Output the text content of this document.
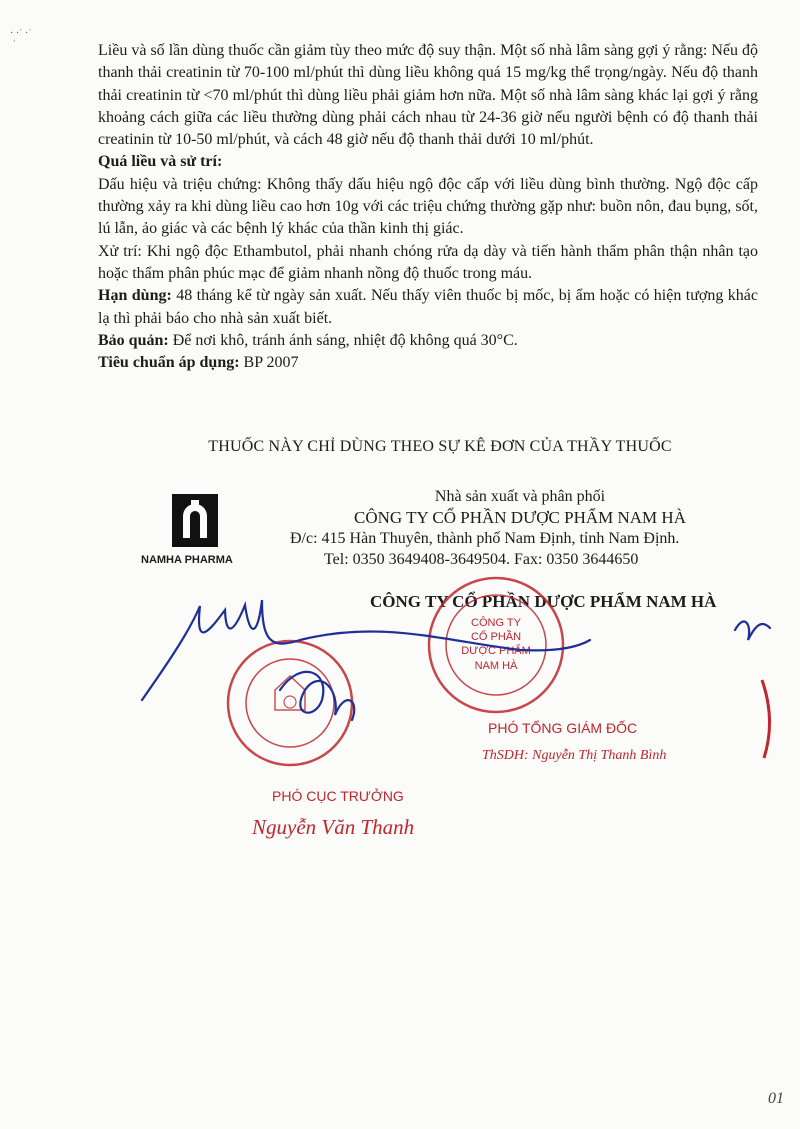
· ·ˈ ·ˈ
ˈ	Liều và số lần dùng thuốc cần giảm tùy theo mức độ suy thận. Một số nhà lâm sàng gợi ý rằng: Nếu độ thanh thải creatinin từ 70-100 ml/phút thì dùng liều không quá 15 mg/kg thể trọng/ngày. Nếu độ thanh thải creatinin từ <70 ml/phút thì dùng liều phải giảm hơn nữa. Một số nhà lâm sàng khác lại gợi ý rằng khoảng cách giữa các liều thường dùng phải cách nhau từ 24-36 giờ nếu người bệnh có độ thanh thải creatinin từ 10-50 ml/phút, và cách 48 giờ nếu độ thanh thải dưới 10 ml/phút.

Quá liều và sử trí:

Dấu hiệu và triệu chứng: Không thấy dấu hiệu ngộ độc cấp với liều dùng bình thường. Ngộ độc cấp thường xảy ra khi dùng liều cao hơn 10g với các triệu chứng thường gặp như: buồn nôn, đau bụng, sốt, lú lẫn, ảo giác và các bệnh lý khác của thần kinh thị giác.

Xử trí: Khi ngộ độc Ethambutol, phải nhanh chóng rửa dạ dày và tiến hành thẩm phân thận nhân tạo hoặc thẩm phân phúc mạc để giảm nhanh nồng độ thuốc trong máu.

Hạn dùng: 48 tháng kể từ ngày sản xuất. Nếu thấy viên thuốc bị mốc, bị ẩm hoặc có hiện tượng khác lạ thì phải báo cho nhà sản xuất biết.

Bảo quản: Để nơi khô, tránh ánh sáng, nhiệt độ không quá 30°C.

Tiêu chuẩn áp dụng: BP 2007

THUỐC NÀY CHỈ DÙNG THEO SỰ KÊ ĐƠN CỦA THẦY THUỐC
NAMHA PHARMA
Nhà sản xuất và phân phối
CÔNG TY CỔ PHẦN DƯỢC PHẨM NAM HÀ
Đ/c: 415 Hàn Thuyên, thành phố Nam Định, tỉnh Nam Định.
Tel: 0350 3649408-3649504. Fax: 0350 3644650
CÔNG TY CỔ PHẦN DƯỢC PHẨM NAM HÀ
CÔNG TY
CỔ PHẦN
DƯỢC PHẨM
NAM HÀ
PHÓ TỔNG GIÁM ĐỐC
ThSDH: Nguyễn Thị Thanh Bình
PHÓ CỤC TRƯỞNG
Nguyễn Văn Thanh
01
